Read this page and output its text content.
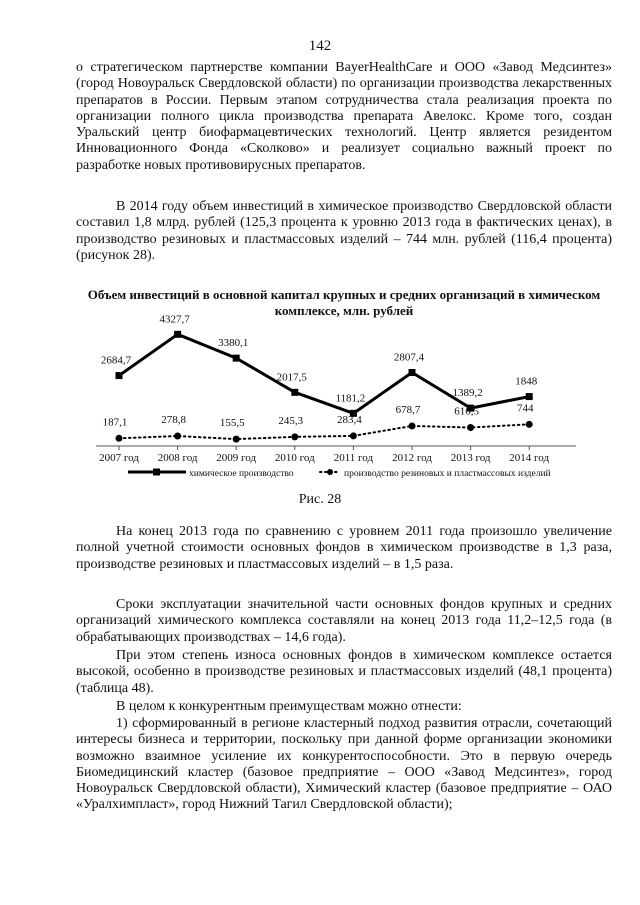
142

о стратегическом партнерстве компании BayerHealthCare и ООО «Завод Медсинтез» (город Новоуральск Свердловской области) по организации производства лекарственных препаратов в России. Первым этапом сотрудничества стала реализация проекта по организации полного цикла производства препарата Авелокс. Кроме того, создан Уральский центр биофармацевтических технологий. Центр является резидентом Инновационного Фонда «Сколково» и реализует социально важный проект по разработке новых противовирусных препаратов.

В 2014 году объем инвестиций в химическое производство Свердловской области составил 1,8 млрд. рублей (125,3 процента к уровню 2013 года в фактических ценах), в производство резиновых и пластмассовых изделий – 744 млн. рублей (116,4 процента) (рисунок 28).

Объем инвестиций в основной капитал крупных и средних организаций в химическом комплексе, млн. рублей

2007 год 2008 год 2009 год 2010 год 2011 год 2012 год 2013 год 2014 год
2684,7
4327,7
3380,1
2017,5
1181,2
2807,4
1389,2
1848
187,1	278,8	155,5	245,3	283,4
678,7	616,5	744
химическое производство	производство резиновых и пластмассовых изделий
Рис. 28

На конец 2013 года по сравнению с уровнем 2011 года произошло увеличение полной учетной стоимости основных фондов в химическом производстве в 1,3 раза, производстве резиновых и пластмассовых изделий – в 1,5 раза.

Сроки эксплуатации значительной части основных фондов крупных и средних организаций химического комплекса составляли на конец 2013 года 11,2–12,5 года (в обрабатывающих производствах – 14,6 года).

При этом степень износа основных фондов в химическом комплексе остается высокой, особенно в производстве резиновых и пластмассовых изделий (48,1 процента) (таблица 48).

В целом к конкурентным преимуществам можно отнести:

1) сформированный в регионе кластерный подход развития отрасли, сочетающий интересы бизнеса и территории, поскольку при данной форме организации экономики возможно взаимное усиление их конкурентоспособности. Это в первую очередь Биомедицинский кластер (базовое предприятие – ООО «Завод Медсинтез», город Новоуральск Свердловской области), Химический кластер (базовое предприятие – ОАО «Уралхимпласт», город Нижний Тагил Свердловской области);
